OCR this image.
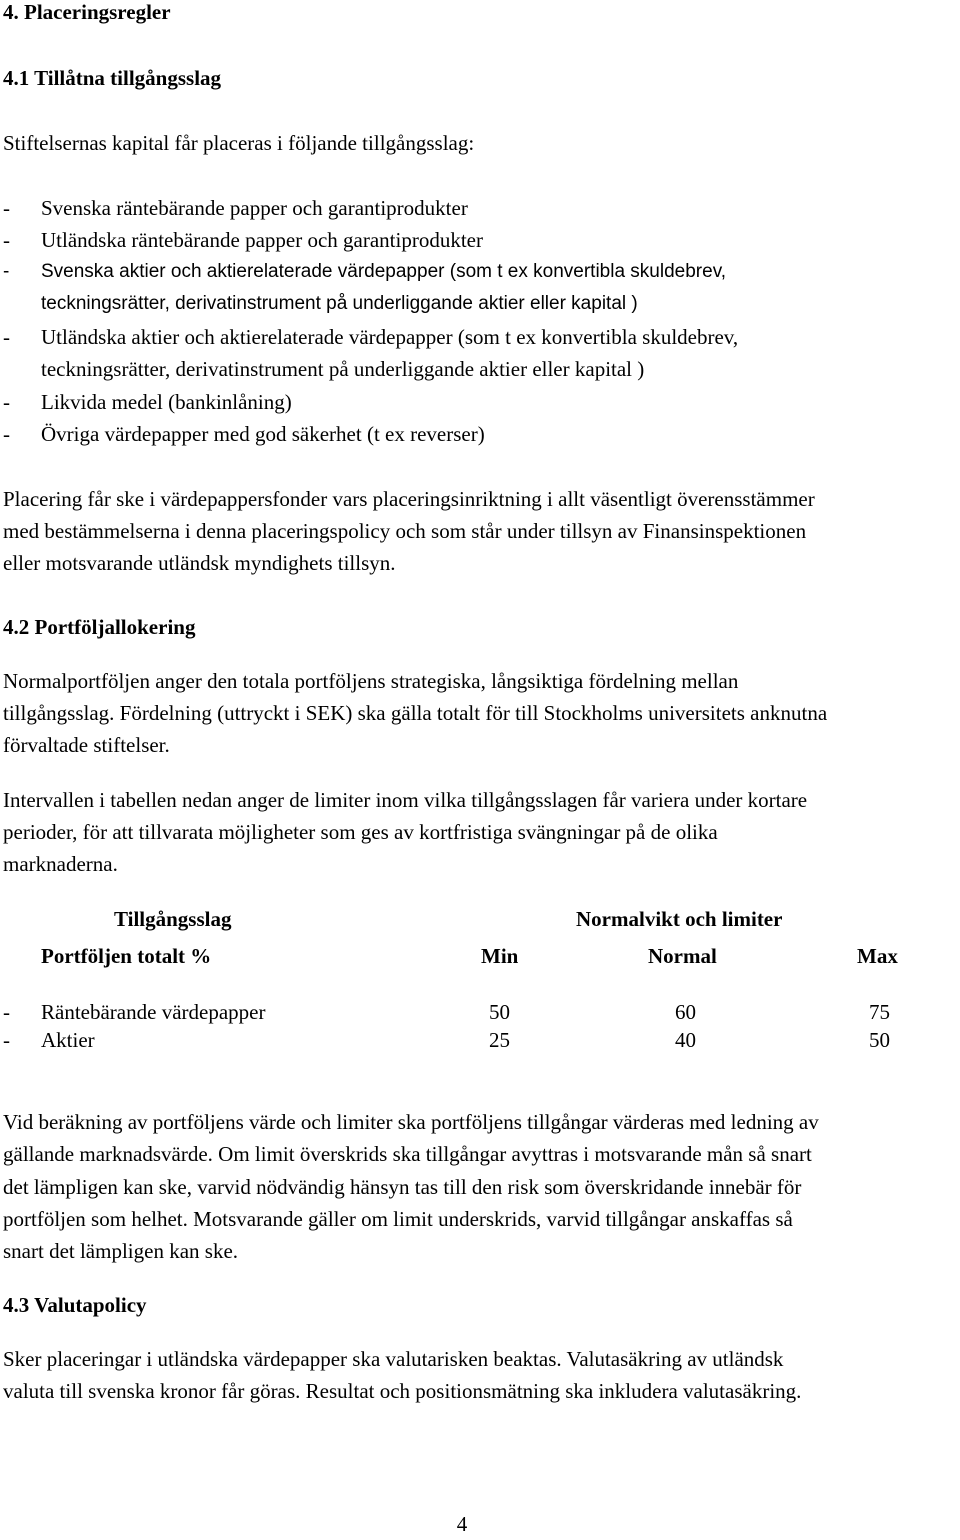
4. Placeringsregler
4.1 Tillåtna tillgångsslag
Stiftelsernas kapital får placeras i följande tillgångsslag:
- Svenska räntebärande papper och garantiprodukter
- Utländska räntebärande papper och garantiprodukter
- Svenska aktier och aktierelaterade värdepapper (som t ex konvertibla skuldebrev,
teckningsrätter, derivatinstrument på underliggande aktier eller kapital )
- Utländska aktier och aktierelaterade värdepapper (som t ex konvertibla skuldebrev,
teckningsrätter, derivatinstrument på underliggande aktier eller kapital )
- Likvida medel (bankinlåning)
- Övriga värdepapper med god säkerhet (t ex reverser)
Placering får ske i värdepappersfonder vars placeringsinriktning i allt väsentligt överensstämmer
med bestämmelserna i denna placeringspolicy och som står under tillsyn av Finansinspektionen
eller motsvarande utländsk myndighets tillsyn.
4.2 Portföljallokering
Normalportföljen anger den totala portföljens strategiska, långsiktiga fördelning mellan
tillgångsslag. Fördelning (uttryckt i SEK) ska gälla totalt för till Stockholms universitets anknutna
förvaltade stiftelser.
Intervallen i tabellen nedan anger de limiter inom vilka tillgångsslagen får variera under kortare
perioder, för att tillvarata möjligheter som ges av kortfristiga svängningar på de olika
marknaderna.
Tillgångsslag	Normalvikt och limiter
Portföljen totalt %	Min	Normal	Max
- Räntebärande värdepapper	50	60	75
- Aktier	25	40	50
Vid beräkning av portföljens värde och limiter ska portföljens tillgångar värderas med ledning av
gällande marknadsvärde. Om limit överskrids ska tillgångar avyttras i motsvarande mån så snart
det lämpligen kan ske, varvid nödvändig hänsyn tas till den risk som överskridande innebär för
portföljen som helhet. Motsvarande gäller om limit underskrids, varvid tillgångar anskaffas så
snart det lämpligen kan ske.
4.3 Valutapolicy
Sker placeringar i utländska värdepapper ska valutarisken beaktas. Valutasäkring av utländsk
valuta till svenska kronor får göras. Resultat och positionsmätning ska inkludera valutasäkring.
4
